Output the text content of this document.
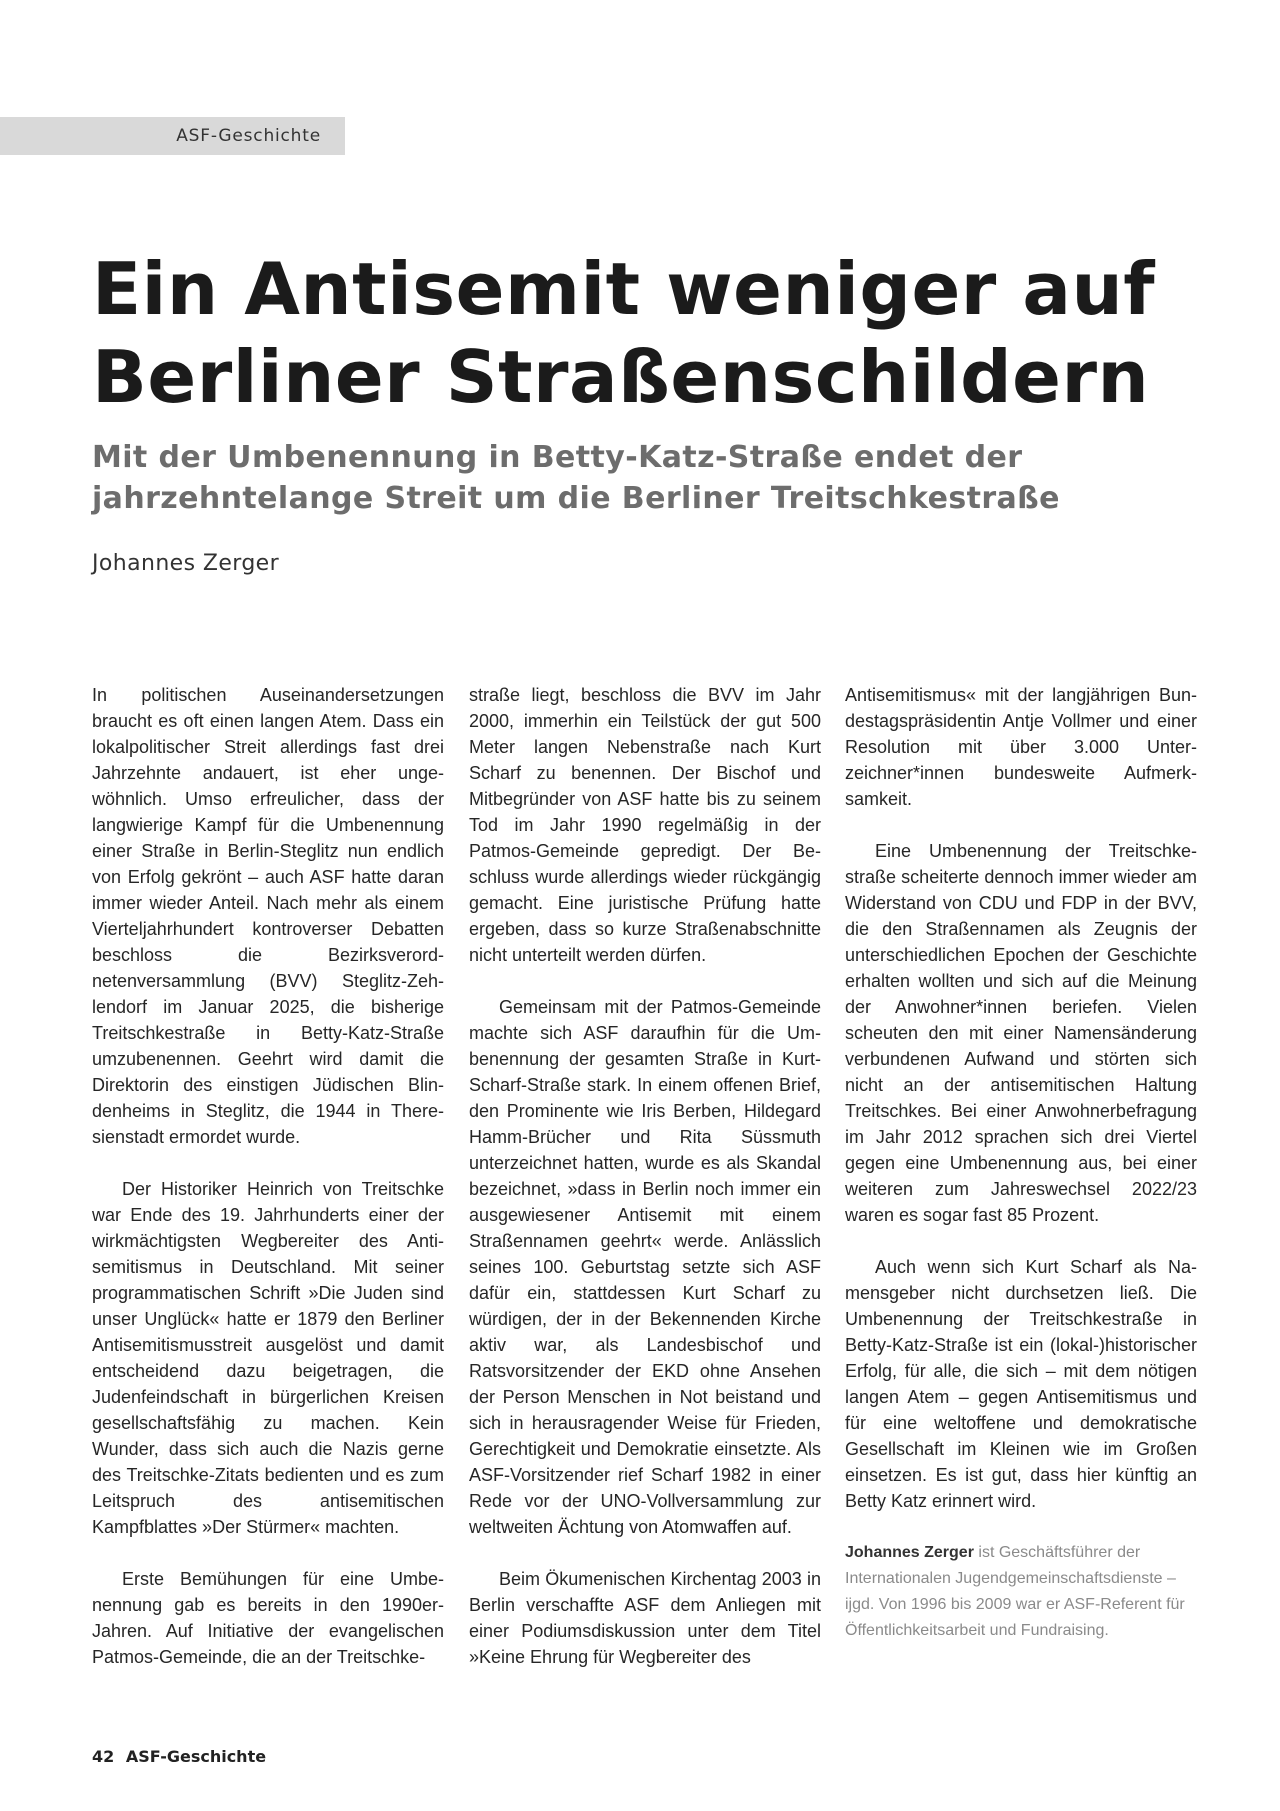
ASF-Geschichte
Ein Antisemit weniger auf
Berliner Straßenschildern
Mit der Umbenennung in Betty-Katz-Straße endet der
jahrzehntelange Streit um die Berliner Treitschkestraße
Johannes Zerger

In politischen Auseinandersetzungen braucht es oft einen langen Atem. Dass ein lokalpolitischer Streit allerdings fast drei Jahrzehnte andauert, ist eher ungewöhnlich. Umso erfreulicher, dass der langwierige Kampf für die Umbenennung einer Straße in Berlin-Steglitz nun endlich von Erfolg gekrönt – auch ASF hatte daran immer wieder Anteil. Nach mehr als einem Vierteljahrhundert kontroverser Debatten beschloss die Bezirksverordnetenversammlung (BVV) Steglitz-Zehlendorf im Januar 2025, die bisherige Treitschkestraße in Betty-Katz-Straße umzubenennen. Geehrt wird damit die Direktorin des einstigen Jüdischen Blindenheims in Steglitz, die 1944 in Theresienstadt ermordet wurde.

Der Historiker Heinrich von Treitschke war Ende des 19. Jahrhunderts einer der wirkmächtigsten Wegbereiter des Antisemitismus in Deutschland. Mit seiner programmatischen Schrift »Die Juden sind unser Unglück« hatte er 1879 den Berliner Antisemitismusstreit ausgelöst und damit entscheidend dazu beigetragen, die Judenfeindschaft in bürgerlichen Kreisen gesellschaftsfähig zu machen. Kein Wunder, dass sich auch die Nazis gerne des Treitschke-Zitats bedienten und es zum Leitspruch des antisemitischen Kampfblattes »Der Stürmer« machten.

Erste Bemühungen für eine Umbenennung gab es bereits in den 1990er-Jahren. Auf Initiative der evangelischen Patmos-Gemeinde, die an der Treitschke-

straße liegt, beschloss die BVV im Jahr 2000, immerhin ein Teilstück der gut 500 Meter langen Nebenstraße nach Kurt Scharf zu benennen. Der Bischof und Mitbegründer von ASF hatte bis zu seinem Tod im Jahr 1990 regelmäßig in der Patmos-Gemeinde gepredigt. Der Beschluss wurde allerdings wieder rückgängig gemacht. Eine juristische Prüfung hatte ergeben, dass so kurze Straßenabschnitte nicht unterteilt werden dürfen.

Gemeinsam mit der Patmos-Gemeinde machte sich ASF daraufhin für die Umbenennung der gesamten Straße in Kurt-Scharf-Straße stark. In einem offenen Brief, den Prominente wie Iris Berben, Hildegard Hamm-Brücher und Rita Süssmuth unterzeichnet hatten, wurde es als Skandal bezeichnet, »dass in Berlin noch immer ein ausgewiesener Antisemit mit einem Straßennamen geehrt« werde. Anlässlich seines 100. Geburtstag setzte sich ASF dafür ein, stattdessen Kurt Scharf zu würdigen, der in der Bekennenden Kirche aktiv war, als Landesbischof und Ratsvorsitzender der EKD ohne Ansehen der Person Menschen in Not beistand und sich in herausragender Weise für Frieden, Gerechtigkeit und Demokratie einsetzte. Als ASF-Vorsitzender rief Scharf 1982 in einer Rede vor der UNO-Vollversammlung zur weltweiten Ächtung von Atomwaffen auf.

Beim Ökumenischen Kirchentag 2003 in Berlin verschaffte ASF dem Anliegen mit einer Podiumsdiskussion unter dem Titel »Keine Ehrung für Wegbereiter des

Antisemitismus« mit der langjährigen Bundestagspräsidentin Antje Vollmer und einer Resolution mit über 3.000 Unterzeichner*innen bundesweite Aufmerksamkeit.

Eine Umbenennung der Treitschkestraße scheiterte dennoch immer wieder am Widerstand von CDU und FDP in der BVV, die den Straßennamen als Zeugnis der unterschiedlichen Epochen der Geschichte erhalten wollten und sich auf die Meinung der Anwohner*innen beriefen. Vielen scheuten den mit einer Namensänderung verbundenen Aufwand und störten sich nicht an der antisemitischen Haltung Treitschkes. Bei einer Anwohnerbefragung im Jahr 2012 sprachen sich drei Viertel gegen eine Umbenennung aus, bei einer weiteren zum Jahreswechsel 2022/23 waren es sogar fast 85 Prozent.

Auch wenn sich Kurt Scharf als Namensgeber nicht durchsetzen ließ. Die Umbenennung der Treitschkestraße in Betty-Katz-Straße ist ein (lokal-)historischer Erfolg, für alle, die sich – mit dem nötigen langen Atem – gegen Antisemitismus und für eine weltoffene und demokratische Gesellschaft im Kleinen wie im Großen einsetzen. Es ist gut, dass hier künftig an Betty Katz erinnert wird.

Johannes Zerger ist Geschäftsführer der Internationalen Jugendgemeinschaftsdienste – ijgd. Von 1996 bis 2009 war er ASF-Referent für Öffentlichkeitsarbeit und Fundraising.
42 ASF-Geschichte
